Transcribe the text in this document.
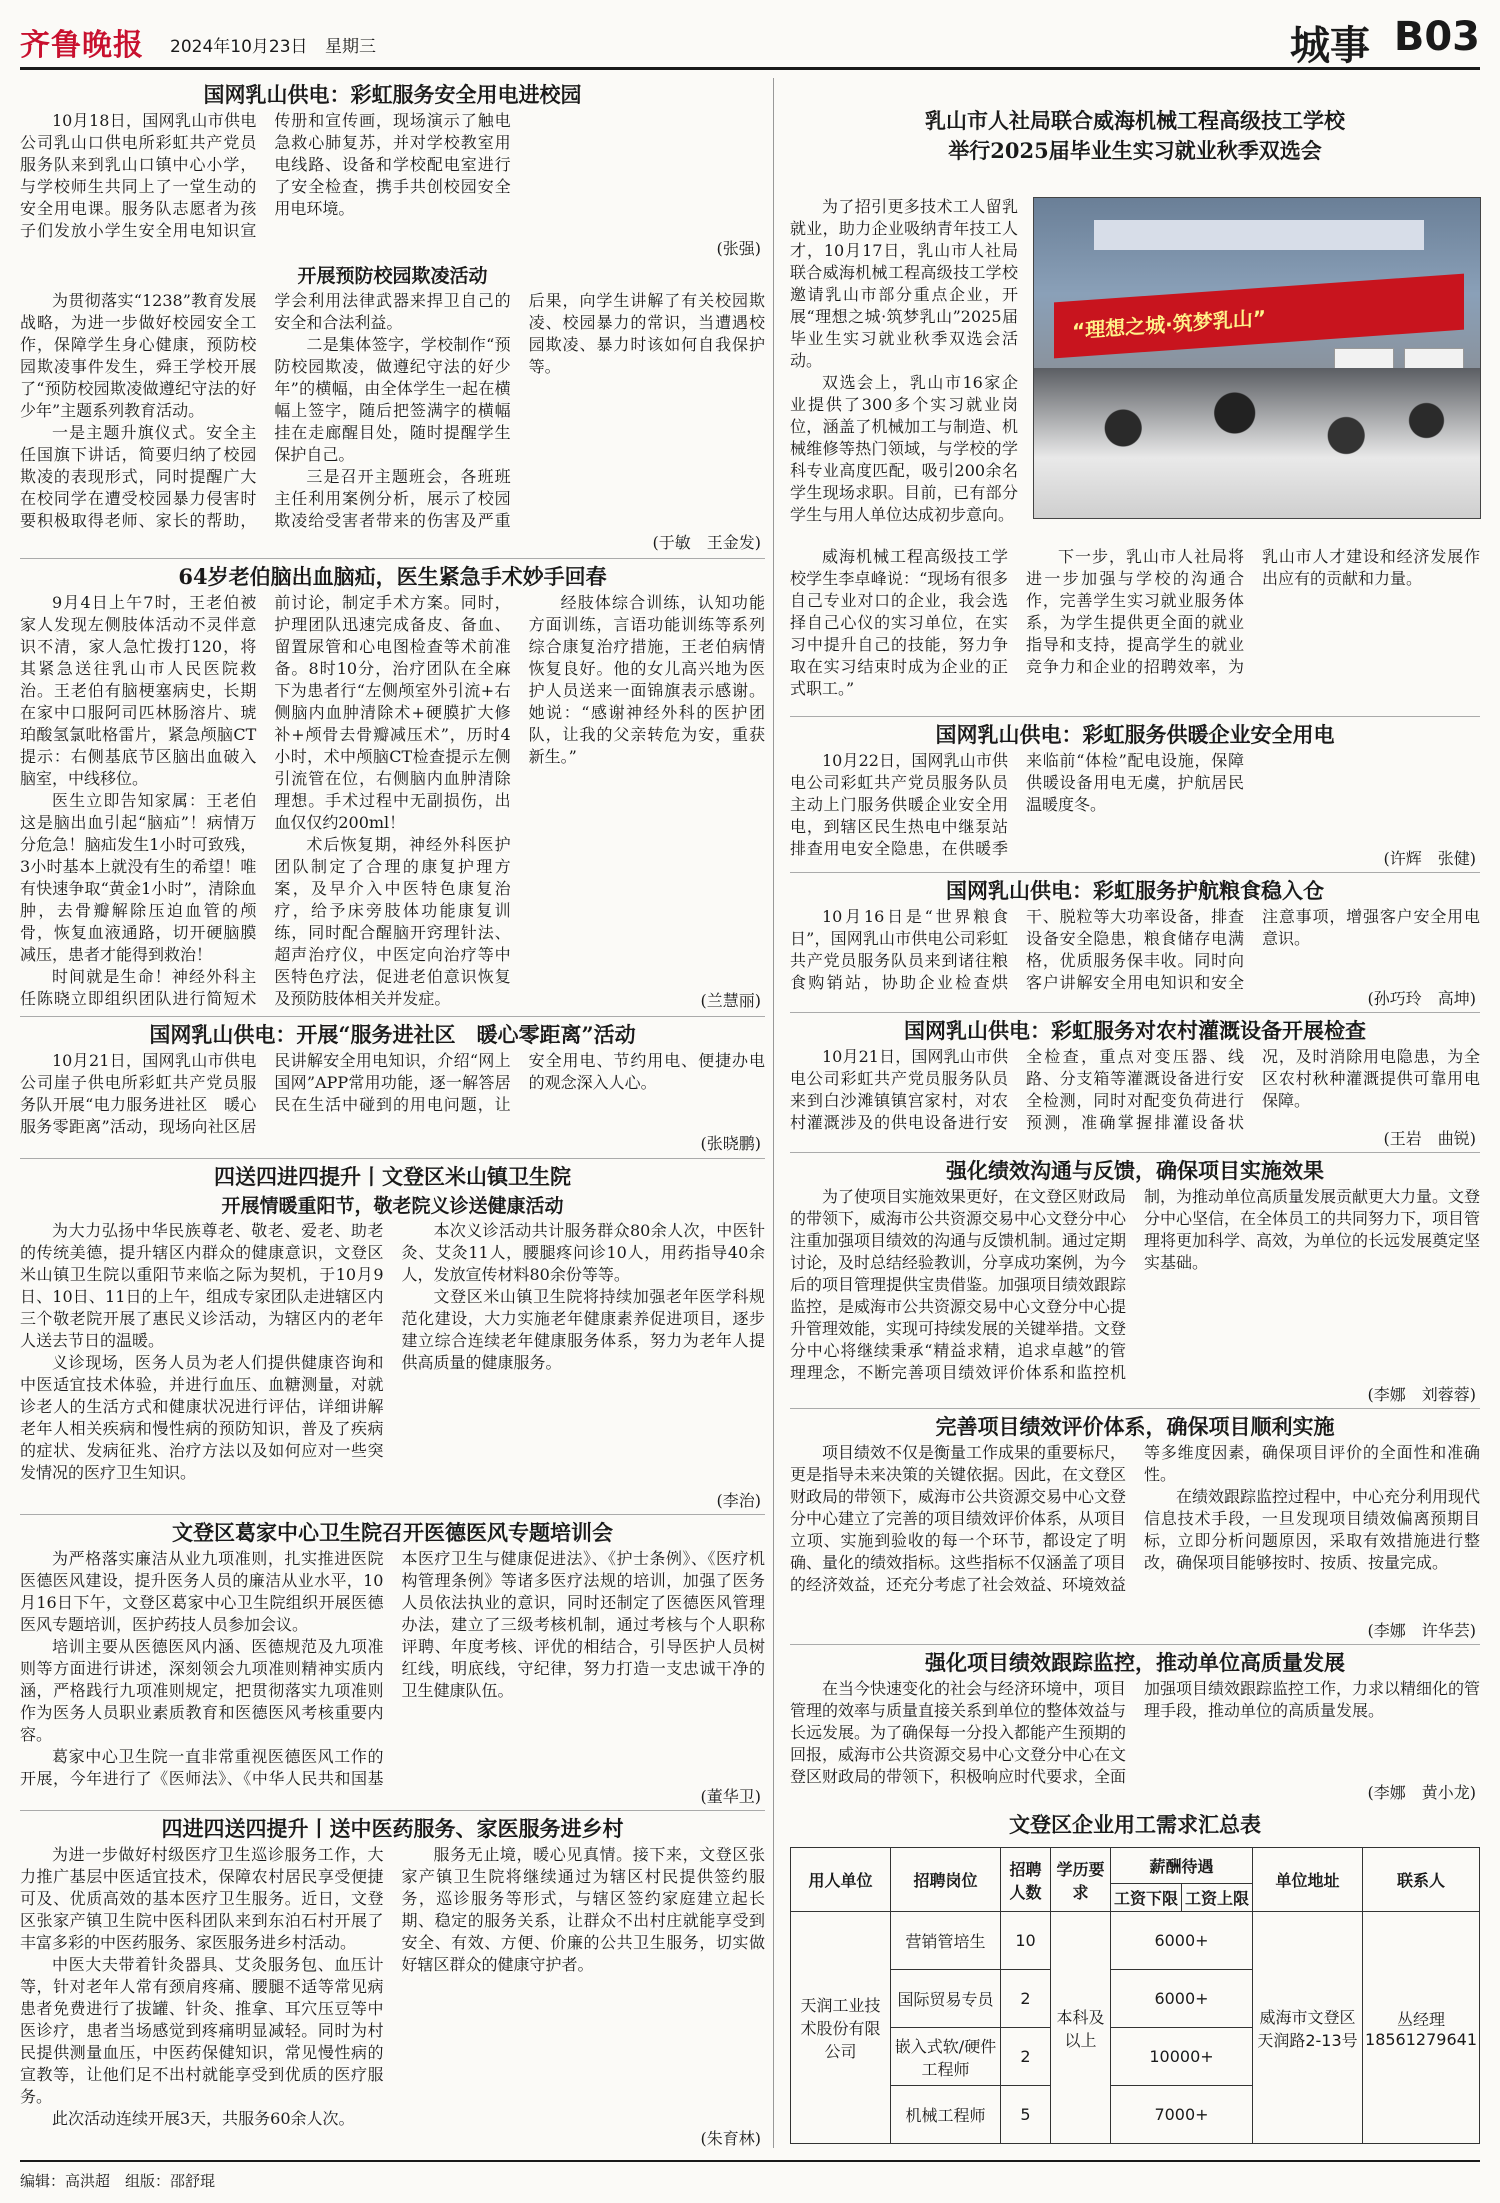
齐鲁晚报 2024年10月23日 星期三	城事 B03
国网乳山供电：彩虹服务安全用电进校园

10月18日，国网乳山市供电公司乳山口供电所彩虹共产党员服务队来到乳山口镇中心小学，与学校师生共同上了一堂生动的安全用电课。服务队志愿者为孩子们发放小学生安全用电知识宣传册和宣传画，现场演示了触电急救心肺复苏，并对学校教室用电线路、设备和学校配电室进行了安全检查，携手共创校园安全用电环境。

(张强)
开展预防校园欺凌活动

为贯彻落实“1238”教育发展战略，为进一步做好校园安全工作，保障学生身心健康，预防校园欺凌事件发生，舜王学校开展了“预防校园欺凌做遵纪守法的好少年”主题系列教育活动。

一是主题升旗仪式。安全主任国旗下讲话，简要归纳了校园欺凌的表现形式，同时提醒广大在校同学在遭受校园暴力侵害时要积极取得老师、家长的帮助，学会利用法律武器来捍卫自己的安全和合法利益。

二是集体签字，学校制作“预防校园欺凌，做遵纪守法的好少年”的横幅，由全体学生一起在横幅上签字，随后把签满字的横幅挂在走廊醒目处，随时提醒学生保护自己。

三是召开主题班会，各班班主任利用案例分析，展示了校园欺凌给受害者带来的伤害及严重后果，向学生讲解了有关校园欺凌、校园暴力的常识，当遭遇校园欺凌、暴力时该如何自我保护等。

(于敏　王金发)
64岁老伯脑出血脑疝，医生紧急手术妙手回春

9月4日上午7时，王老伯被家人发现左侧肢体活动不灵伴意识不清，家人急忙拨打120，将其紧急送往乳山市人民医院救治。王老伯有脑梗塞病史，长期在家中口服阿司匹林肠溶片、琥珀酸氢氯吡格雷片，紧急颅脑CT提示：右侧基底节区脑出血破入脑室，中线移位。

医生立即告知家属：王老伯这是脑出血引起“脑疝”！病情万分危急！脑疝发生1小时可致残，3小时基本上就没有生的希望！唯有快速争取“黄金1小时”，清除血肿，去骨瓣解除压迫血管的颅骨，恢复血液通路，切开硬脑膜减压，患者才能得到救治！

时间就是生命！神经外科主任陈晓立即组织团队进行简短术前讨论，制定手术方案。同时，护理团队迅速完成备皮、备血、留置尿管和心电图检查等术前准备。8时10分，治疗团队在全麻下为患者行“左侧颅室外引流+右侧脑内血肿清除术+硬膜扩大修补+颅骨去骨瓣减压术”，历时4小时，术中颅脑CT检查提示左侧引流管在位，右侧脑内血肿清除理想。手术过程中无副损伤，出血仅仅约200ml！

术后恢复期，神经外科医护团队制定了合理的康复护理方案，及早介入中医特色康复治疗，给予床旁肢体功能康复训练，同时配合醒脑开窍理针法、超声治疗仪，中医定向治疗等中医特色疗法，促进老伯意识恢复及预防肢体相关并发症。

经肢体综合训练，认知功能方面训练，言语功能训练等系列综合康复治疗措施，王老伯病情恢复良好。他的女儿高兴地为医护人员送来一面锦旗表示感谢。她说：“感谢神经外科的医护团队，让我的父亲转危为安，重获新生。”

(兰慧丽)
国网乳山供电：开展“服务进社区　暖心零距离”活动

10月21日，国网乳山市供电公司崖子供电所彩虹共产党员服务队开展“电力服务进社区　暖心服务零距离”活动，现场向社区居民讲解安全用电知识，介绍“网上国网”APP常用功能，逐一解答居民在生活中碰到的用电问题，让安全用电、节约用电、便捷办电的观念深入人心。

(张晓鹏)
四送四进四提升丨文登区米山镇卫生院
开展情暖重阳节，敬老院义诊送健康活动

为大力弘扬中华民族尊老、敬老、爱老、助老的传统美德，提升辖区内群众的健康意识，文登区米山镇卫生院以重阳节来临之际为契机，于10月9日、10日、11日的上午，组成专家团队走进辖区内三个敬老院开展了惠民义诊活动，为辖区内的老年人送去节日的温暖。

义诊现场，医务人员为老人们提供健康咨询和中医适宜技术体验，并进行血压、血糖测量，对就诊老人的生活方式和健康状况进行评估，详细讲解老年人相关疾病和慢性病的预防知识，普及了疾病的症状、发病征兆、治疗方法以及如何应对一些突发情况的医疗卫生知识。

本次义诊活动共计服务群众80余人次，中医针灸、艾灸11人，腰腿疼问诊10人，用药指导40余人，发放宣传材料80余份等等。

文登区米山镇卫生院将持续加强老年医学科规范化建设，大力实施老年健康素养促进项目，逐步建立综合连续老年健康服务体系，努力为老年人提供高质量的健康服务。

(李治)
文登区葛家中心卫生院召开医德医风专题培训会

为严格落实廉洁从业九项准则，扎实推进医院医德医风建设，提升医务人员的廉洁从业水平，10月16日下午，文登区葛家中心卫生院组织开展医德医风专题培训，医护药技人员参加会议。

培训主要从医德医风内涵、医德规范及九项准则等方面进行讲述，深刻领会九项准则精神实质内涵，严格践行九项准则规定，把贯彻落实九项准则作为医务人员职业素质教育和医德医风考核重要内容。

葛家中心卫生院一直非常重视医德医风工作的开展，今年进行了《医师法》、《中华人民共和国基本医疗卫生与健康促进法》、《护士条例》、《医疗机构管理条例》等诸多医疗法规的培训，加强了医务人员依法执业的意识，同时还制定了医德医风管理办法，建立了三级考核机制，通过考核与个人职称评聘、年度考核、评优的相结合，引导医护人员树红线，明底线，守纪律，努力打造一支忠诚干净的卫生健康队伍。

(董华卫)
四进四送四提升丨送中医药服务、家医服务进乡村

为进一步做好村级医疗卫生巡诊服务工作，大力推广基层中医适宜技术，保障农村居民享受便捷可及、优质高效的基本医疗卫生服务。近日，文登区张家产镇卫生院中医科团队来到东泊石村开展了丰富多彩的中医药服务、家医服务进乡村活动。

中医大夫带着针灸器具、艾灸服务包、血压计等，针对老年人常有颈肩疼痛、腰腿不适等常见病患者免费进行了拔罐、针灸、推拿、耳穴压豆等中医诊疗，患者当场感觉到疼痛明显减轻。同时为村民提供测量血压，中医药保健知识，常见慢性病的宣教等，让他们足不出村就能享受到优质的医疗服务。

此次活动连续开展3天，共服务60余人次。

服务无止境，暖心见真情。接下来，文登区张家产镇卫生院将继续通过为辖区村民提供签约服务，巡诊服务等形式，与辖区签约家庭建立起长期、稳定的服务关系，让群众不出村庄就能享受到安全、有效、方便、价廉的公共卫生服务，切实做好辖区群众的健康守护者。

(朱育林)
乳山市人社局联合威海机械工程高级技工学校
举行2025届毕业生实习就业秋季双选会

为了招引更多技术工人留乳就业，助力企业吸纳青年技工人才，10月17日，乳山市人社局联合威海机械工程高级技工学校邀请乳山市部分重点企业，开展“理想之城·筑梦乳山”2025届毕业生实习就业秋季双选会活动。

双选会上，乳山市16家企业提供了300多个实习就业岗位，涵盖了机械加工与制造、机械维修等热门领域，与学校的学科专业高度匹配，吸引200余名学生现场求职。目前，已有部分学生与用人单位达成初步意向。

威海机械工程高级技工学校学生李卓峰说：“现场有很多自己专业对口的企业，我会选择自己心仪的实习单位，在实习中提升自己的技能，努力争取在实习结束时成为企业的正式职工。”

下一步，乳山市人社局将进一步加强与学校的沟通合作，完善学生实习就业服务体系，为学生提供更全面的就业指导和支持，提高学生的就业竞争力和企业的招聘效率，为乳山市人才建设和经济发展作出应有的贡献和力量。

“理想之城·筑梦乳山”
国网乳山供电：彩虹服务供暖企业安全用电

10月22日，国网乳山市供电公司彩虹共产党员服务队员主动上门服务供暖企业安全用电，到辖区民生热电中继泵站排查用电安全隐患，在供暖季来临前“体检”配电设施，保障供暖设备用电无虞，护航居民温暖度冬。

(许辉　张健)
国网乳山供电：彩虹服务护航粮食稳入仓

10月16日是“世界粮食日”，国网乳山市供电公司彩虹共产党员服务队员来到诸往粮食购销站，协助企业检查烘干、脱粒等大功率设备，排查设备安全隐患，粮食储存电满格，优质服务保丰收。同时向客户讲解安全用电知识和安全注意事项，增强客户安全用电意识。

(孙巧玲　高坤)
国网乳山供电：彩虹服务对农村灌溉设备开展检查

10月21日，国网乳山市供电公司彩虹共产党员服务队员来到白沙滩镇镇宫家村，对农村灌溉涉及的供电设备进行安全检查，重点对变压器、线路、分支箱等灌溉设备进行安全检测，同时对配变负荷进行预测，准确掌握排灌设备状况，及时消除用电隐患，为全区农村秋种灌溉提供可靠用电保障。

(王岩　曲锐)
强化绩效沟通与反馈，确保项目实施效果

为了使项目实施效果更好，在文登区财政局的带领下，威海市公共资源交易中心文登分中心注重加强项目绩效的沟通与反馈机制。通过定期讨论，及时总结经验教训，分享成功案例，为今后的项目管理提供宝贵借鉴。加强项目绩效跟踪监控，是威海市公共资源交易中心文登分中心提升管理效能，实现可持续发展的关键举措。文登分中心将继续秉承“精益求精，追求卓越”的管理理念，不断完善项目绩效评价体系和监控机制，为推动单位高质量发展贡献更大力量。文登分中心坚信，在全体员工的共同努力下，项目管理将更加科学、高效，为单位的长远发展奠定坚实基础。

(李娜　刘蓉蓉)
完善项目绩效评价体系，确保项目顺利实施

项目绩效不仅是衡量工作成果的重要标尺，更是指导未来决策的关键依据。因此，在文登区财政局的带领下，威海市公共资源交易中心文登分中心建立了完善的项目绩效评价体系，从项目立项、实施到验收的每一个环节，都设定了明确、量化的绩效指标。这些指标不仅涵盖了项目的经济效益，还充分考虑了社会效益、环境效益等多维度因素，确保项目评价的全面性和准确性。

在绩效跟踪监控过程中，中心充分利用现代信息技术手段，一旦发现项目绩效偏离预期目标，立即分析问题原因，采取有效措施进行整改，确保项目能够按时、按质、按量完成。

(李娜　许华芸)
强化项目绩效跟踪监控，推动单位高质量发展

在当今快速变化的社会与经济环境中，项目管理的效率与质量直接关系到单位的整体效益与长远发展。为了确保每一分投入都能产生预期的回报，威海市公共资源交易中心文登分中心在文登区财政局的带领下，积极响应时代要求，全面加强项目绩效跟踪监控工作，力求以精细化的管理手段，推动单位的高质量发展。

(李娜　黄小龙)
文登区企业用工需求汇总表
用人单位	招聘岗位	招聘人数	学历要求	薪酬待遇		单位地址	联系人
				工资下限	工资上限		
天润工业技术股份有限公司	营销管培生	10	本科及以上	6000+		威海市文登区天润路2-13号	丛经理 18561279641
	国际贸易专员	2		6000+			
	嵌入式软/硬件工程师	2		10000+			
	机械工程师	5		7000+			
编辑：高洪超　组版：邵舒琨
